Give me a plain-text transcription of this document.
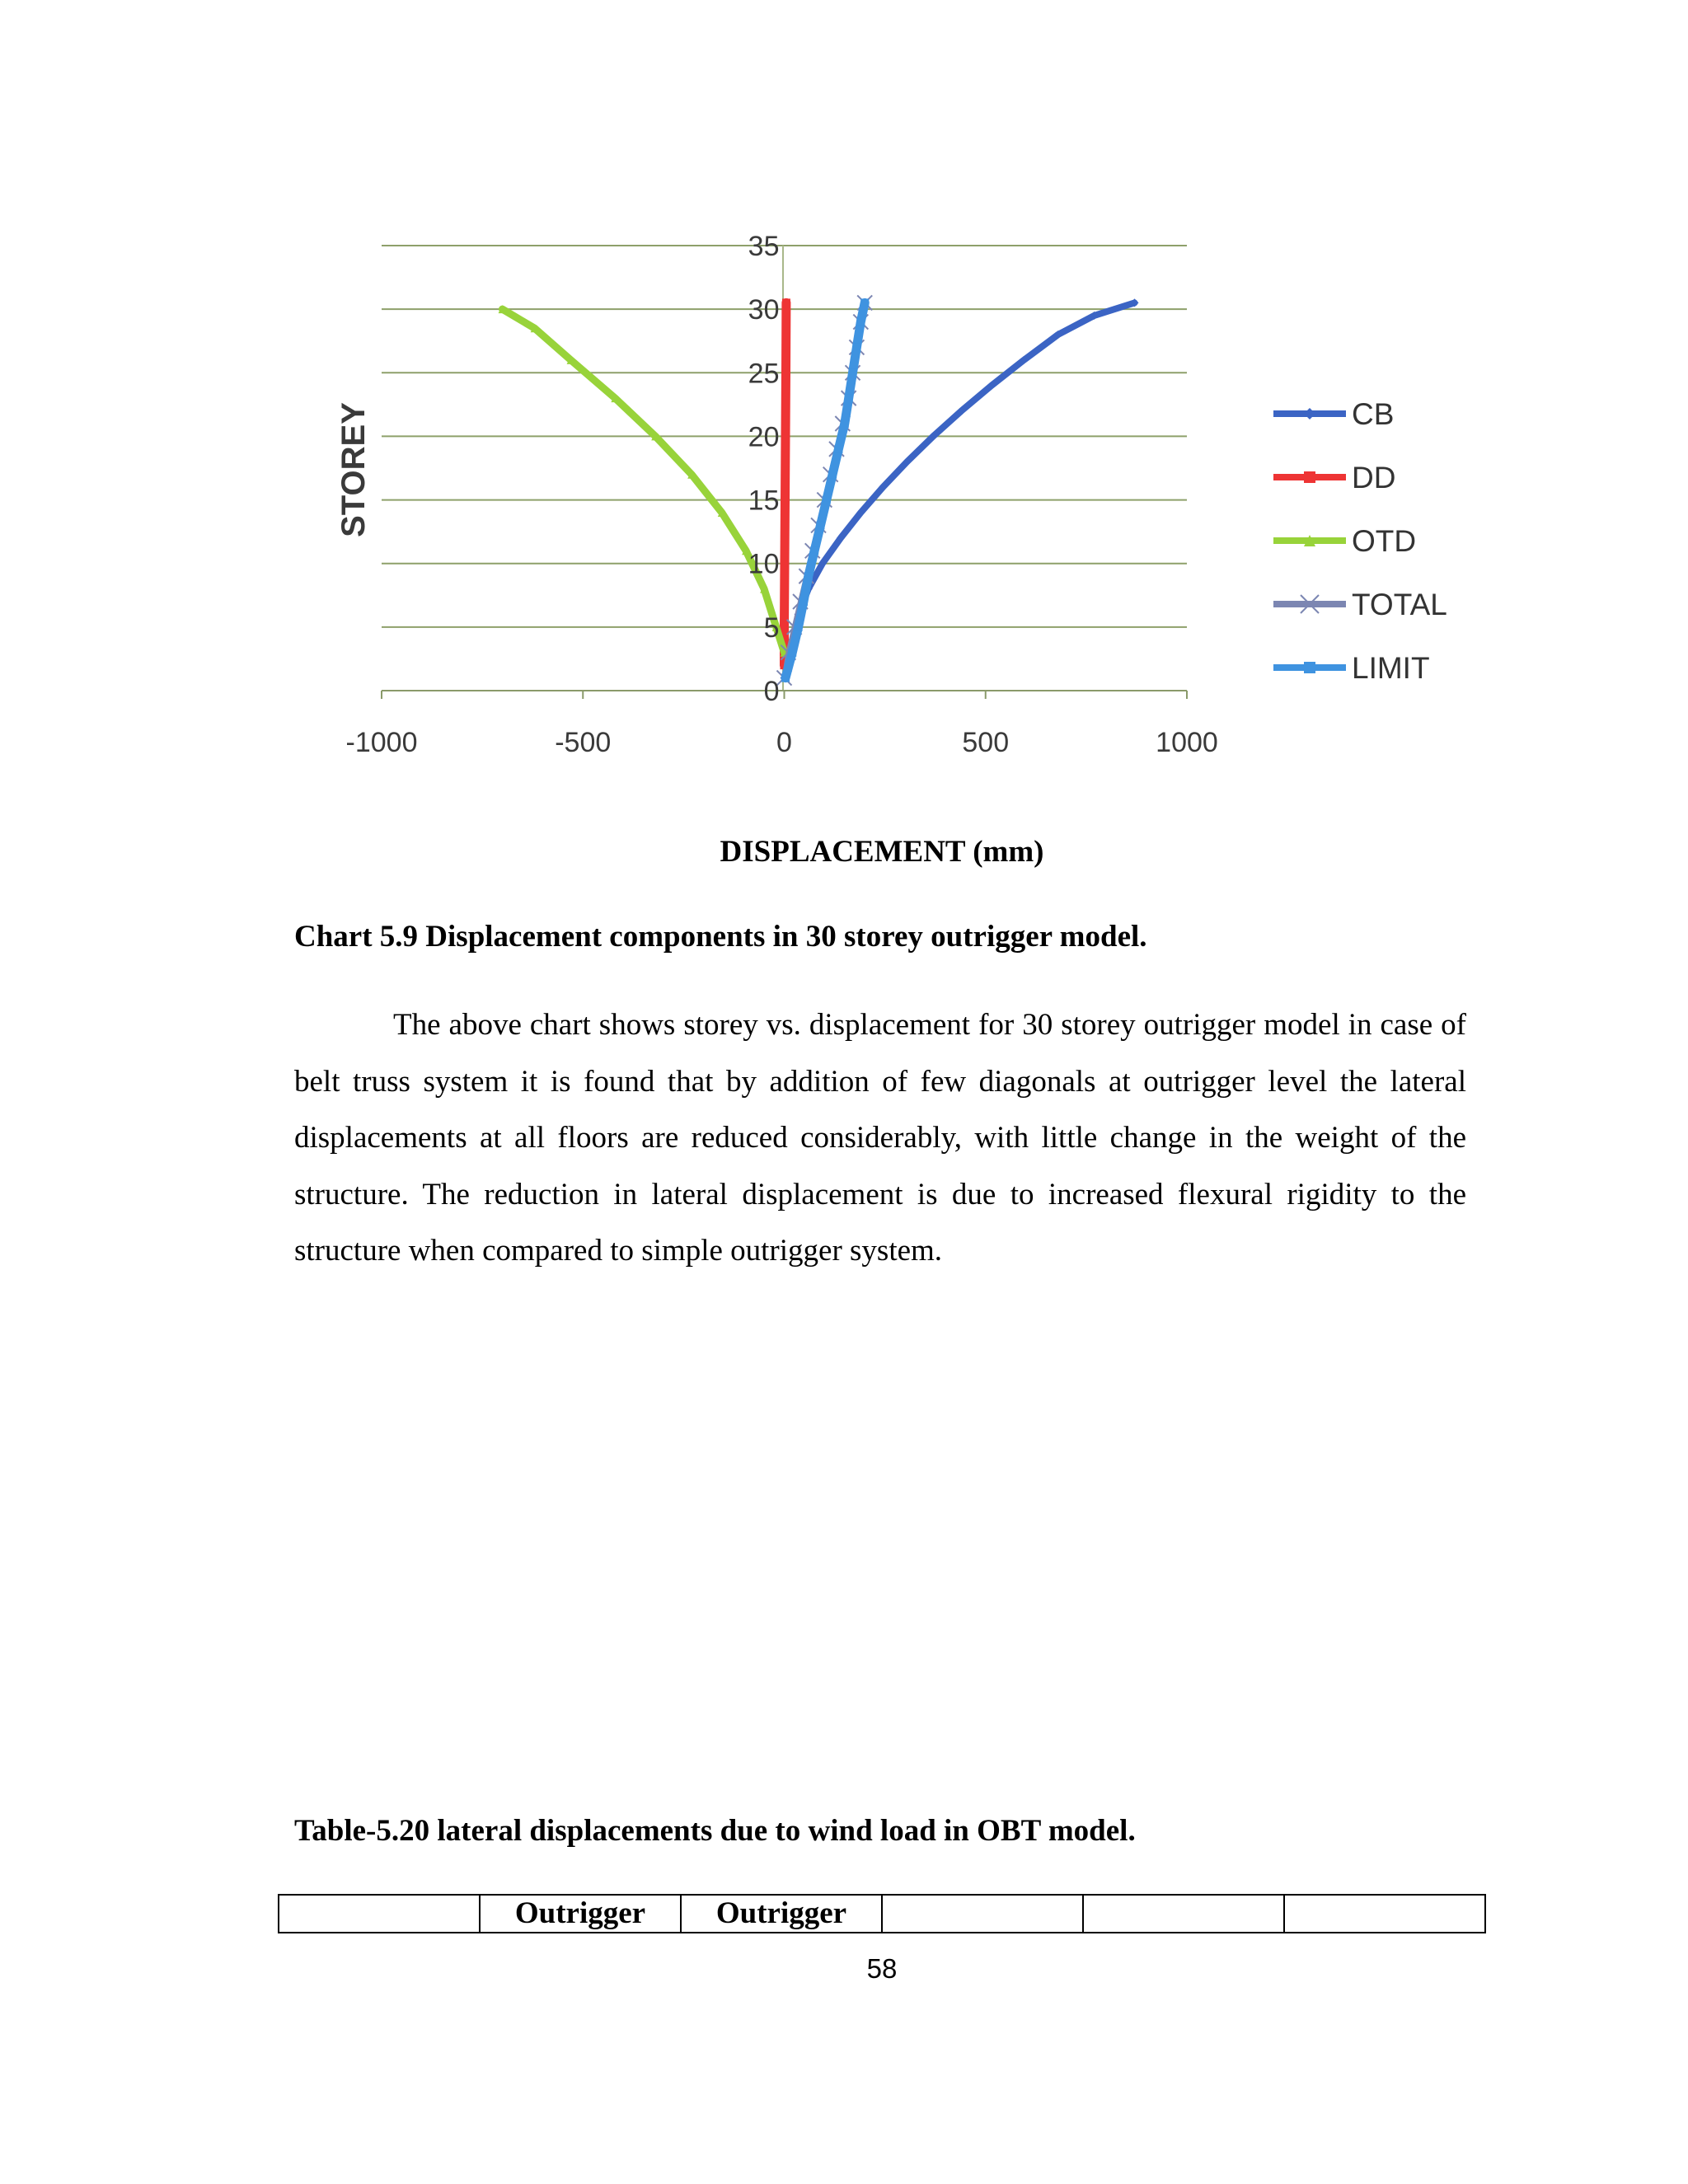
0
5
10
15
20
25
30
35
-1000	-500	0	500	1000
STOREY	CB
DD
OTD
TOTAL
LIMIT
DISPLACEMENT (mm)
Chart 5.9 Displacement components in 30 storey outrigger model.

The above chart shows storey vs. displacement for 30 storey outrigger model in case of belt truss system it is found that by addition of few diagonals at outrigger level the lateral displacements at all floors are reduced considerably, with little change in the weight of the structure. The reduction in lateral displacement is due to increased flexural rigidity to the structure when compared to simple outrigger system.

Table-5.20 lateral displacements due to wind load in OBT model.
	Outrigger	Outrigger			
58
